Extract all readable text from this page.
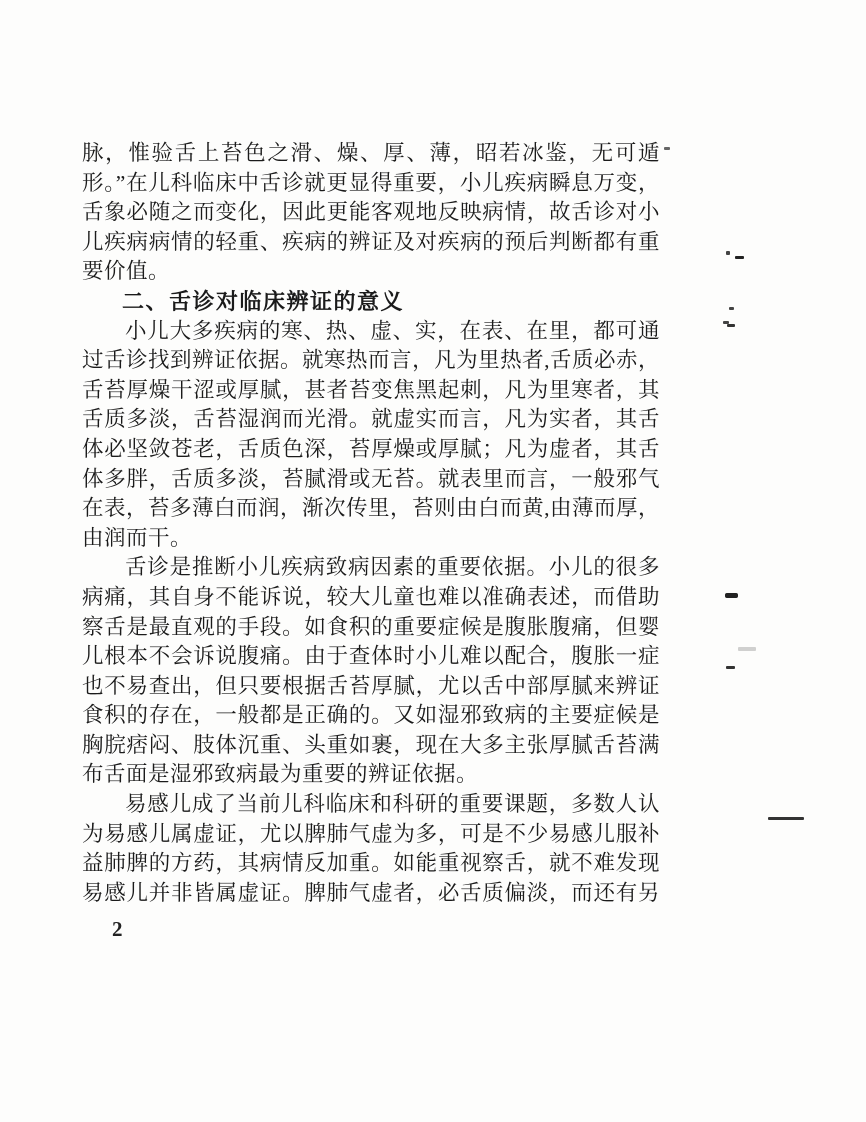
脉，惟验舌上苔色之滑、燥、厚、薄，昭若冰鉴，无可遁
形。”在儿科临床中舌诊就更显得重要，小儿疾病瞬息万变，
舌象必随之而变化，因此更能客观地反映病情，故舌诊对小
儿疾病病情的轻重、疾病的辨证及对疾病的预后判断都有重
要价值。
二、舌诊对临床辨证的意义
小儿大多疾病的寒、热、虚、实，在表、在里，都可通
过舌诊找到辨证依据。就寒热而言，凡为里热者,舌质必赤，
舌苔厚燥干涩或厚腻，甚者苔变焦黑起刺，凡为里寒者，其
舌质多淡，舌苔湿润而光滑。就虚实而言，凡为实者，其舌
体必坚敛苍老，舌质色深，苔厚燥或厚腻；凡为虚者，其舌
体多胖，舌质多淡，苔腻滑或无苔。就表里而言，一般邪气
在表，苔多薄白而润，渐次传里，苔则由白而黄,由薄而厚，
由润而干。
舌诊是推断小儿疾病致病因素的重要依据。小儿的很多
病痛，其自身不能诉说，较大儿童也难以准确表述，而借助
察舌是最直观的手段。如食积的重要症候是腹胀腹痛，但婴
儿根本不会诉说腹痛。由于查体时小儿难以配合，腹胀一症
也不易查出，但只要根据舌苔厚腻，尤以舌中部厚腻来辨证
食积的存在，一般都是正确的。又如湿邪致病的主要症候是
胸脘痞闷、肢体沉重、头重如裹，现在大多主张厚腻舌苔满
布舌面是湿邪致病最为重要的辨证依据。
易感儿成了当前儿科临床和科研的重要课题，多数人认
为易感儿属虚证，尤以脾肺气虚为多，可是不少易感儿服补
益肺脾的方药，其病情反加重。如能重视察舌，就不难发现
易感儿并非皆属虚证。脾肺气虚者，必舌质偏淡，而还有另
2
